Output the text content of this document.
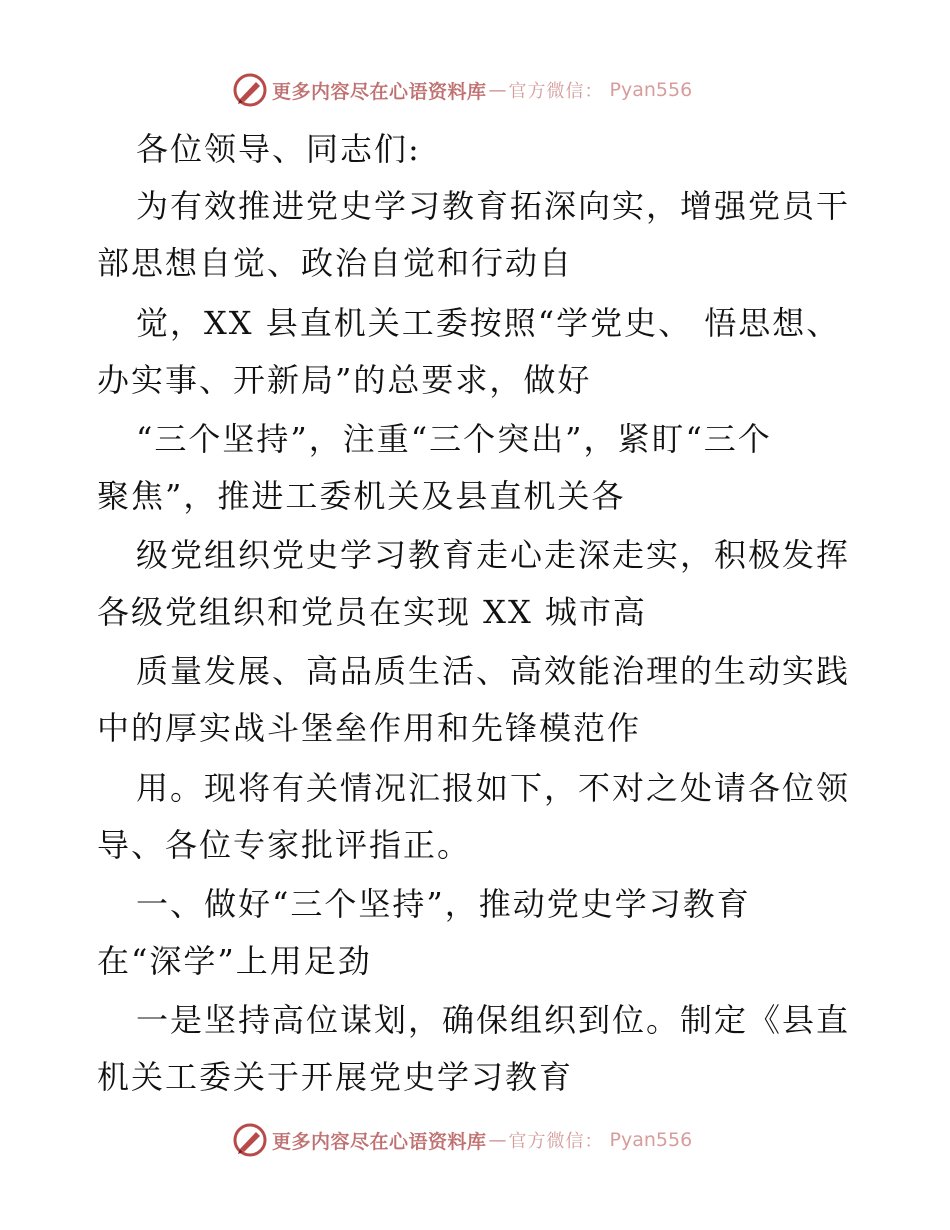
更多内容尽在心语资料库 — 官方微信： Pyan556
各位领导、同志们:
为有效推进党史学习教育拓深向实，增强党员干
部思想自觉、政治自觉和行动自
觉，XX 县直机关工委按照“学党史、 悟思想、
办实事、开新局”的总要求，做好
“三个坚持”，注重“三个突出”，紧盯“三个
聚焦”，推进工委机关及县直机关各
级党组织党史学习教育走心走深走实，积极发挥
各级党组织和党员在实现 XX 城市高
质量发展、高品质生活、高效能治理的生动实践
中的厚实战斗堡垒作用和先锋模范作
用。现将有关情况汇报如下，不对之处请各位领
导、各位专家批评指正。
一、做好“三个坚持”，推动党史学习教育
在“深学”上用足劲
一是坚持高位谋划，确保组织到位。制定《县直
机关工委关于开展党史学习教育
更多内容尽在心语资料库 — 官方微信： Pyan556
